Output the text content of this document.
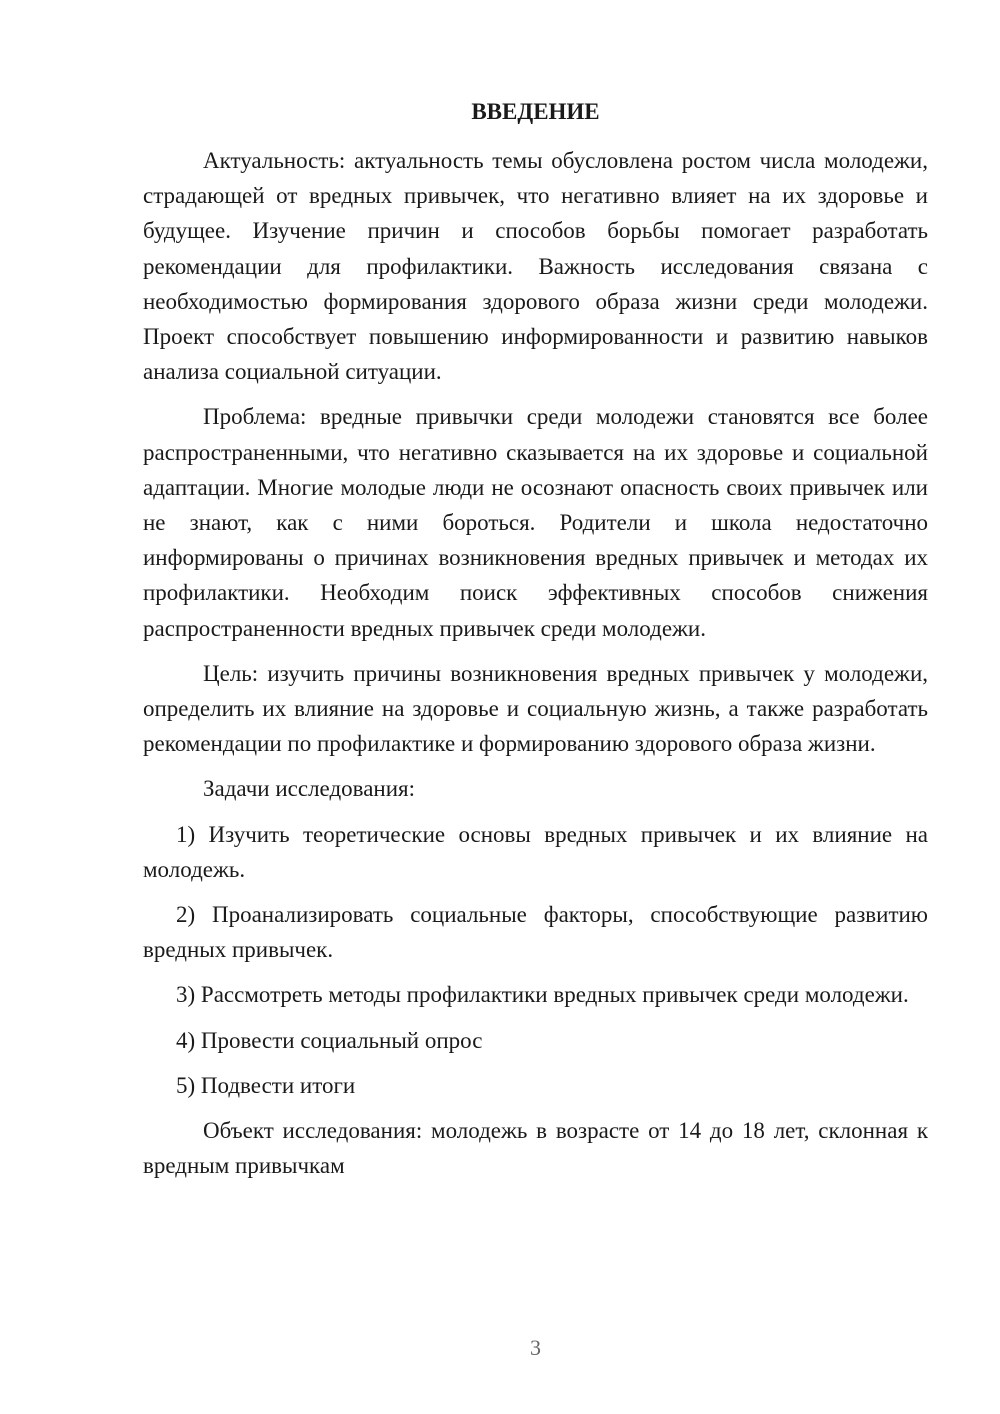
ВВЕДЕНИЕ

Актуальность: актуальность темы обусловлена ростом числа молодежи, страдающей от вредных привычек, что негативно влияет на их здоровье и будущее. Изучение причин и способов борьбы помогает разработать рекомендации для профилактики. Важность исследования связана с необходимостью формирования здорового образа жизни среди молодежи. Проект способствует повышению информированности и развитию навыков анализа социальной ситуации.

Проблема: вредные привычки среди молодежи становятся все более распространенными, что негативно сказывается на их здоровье и социальной адаптации. Многие молодые люди не осознают опасность своих привычек или не знают, как с ними бороться. Родители и школа недостаточно информированы о причинах возникновения вредных привычек и методах их профилактики. Необходим поиск эффективных способов снижения распространенности вредных привычек среди молодежи.

Цель: изучить причины возникновения вредных привычек у молодежи, определить их влияние на здоровье и социальную жизнь, а также разработать рекомендации по профилактике и формированию здорового образа жизни.

Задачи исследования:

1) Изучить теоретические основы вредных привычек и их влияние на молодежь.

2) Проанализировать социальные факторы, способствующие развитию вредных привычек.

3) Рассмотреть методы профилактики вредных привычек среди молодежи.

4) Провести социальный опрос

5) Подвести итоги

Объект исследования: молодежь в возрасте от 14 до 18 лет, склонная к вредным привычкам

3
